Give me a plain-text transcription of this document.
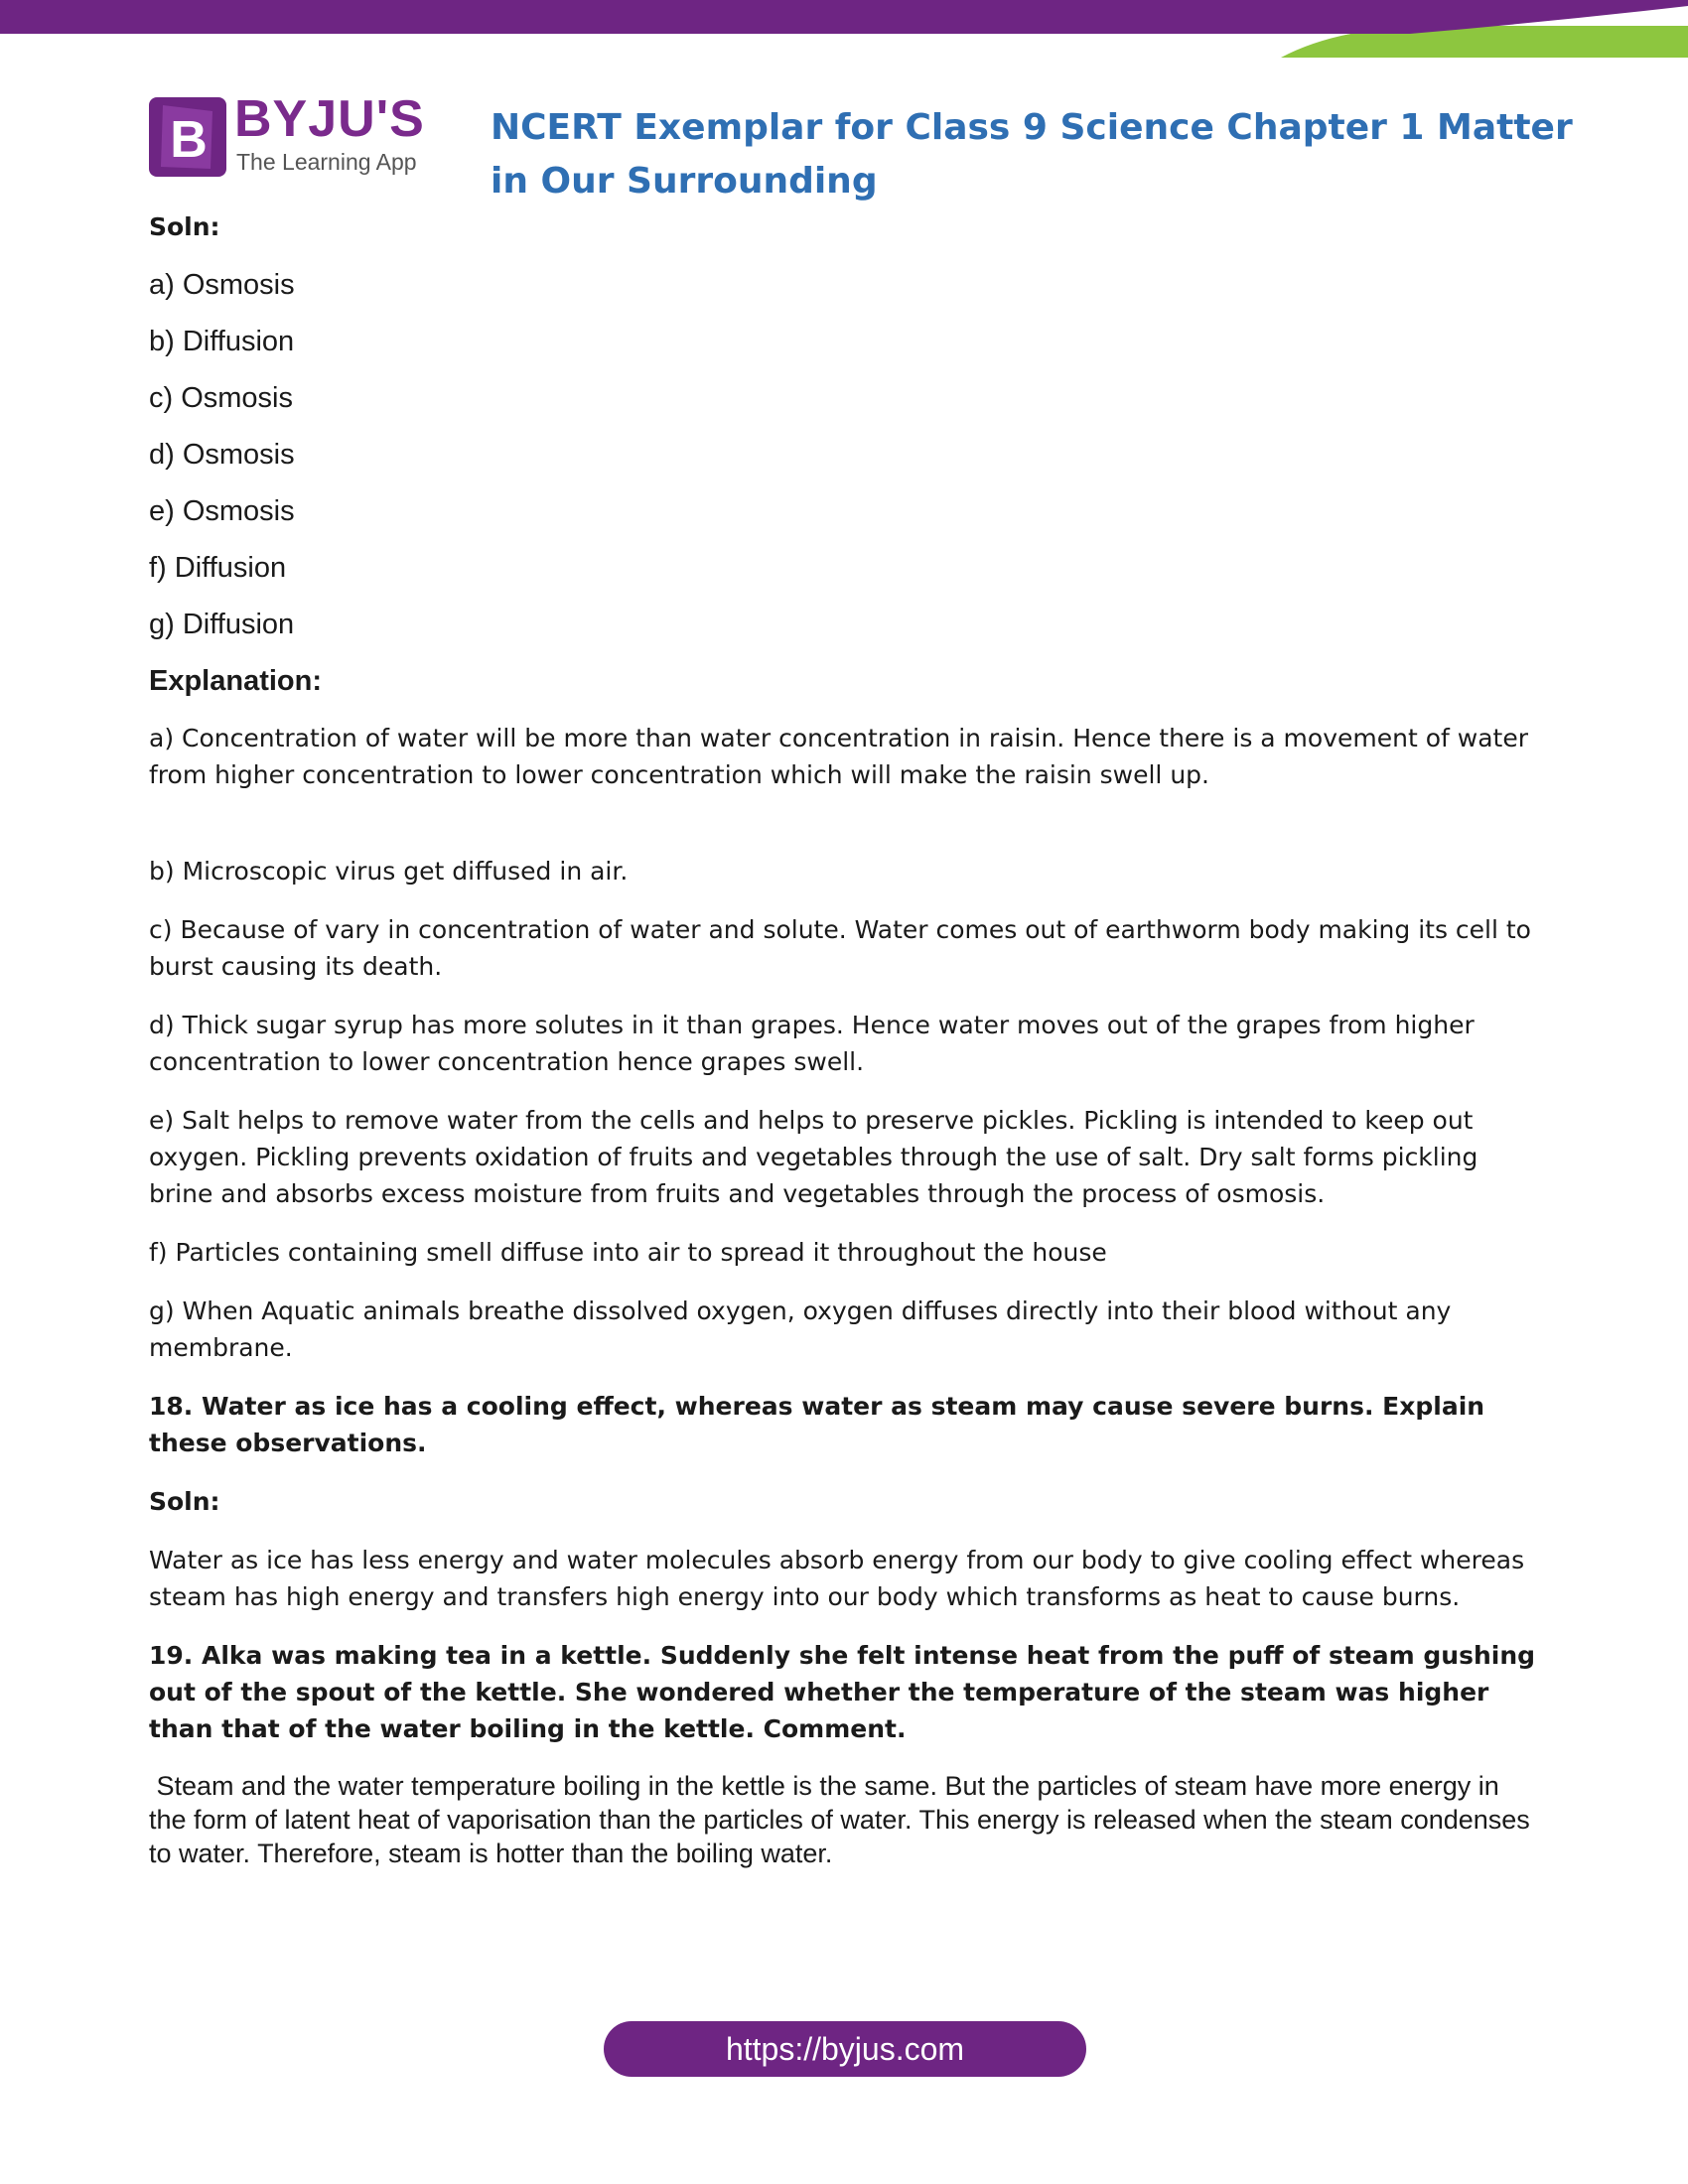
B BYJU'S
The Learning App
NCERT Exemplar for Class 9 Science Chapter 1 Matter in Our Surrounding

Soln:

a) Osmosis

b) Diffusion

c) Osmosis

d) Osmosis

e) Osmosis

f) Diffusion

g) Diffusion

Explanation:

a) Concentration of water will be more than water concentration in raisin. Hence there is a movement of water from higher concentration to lower concentration which will make the raisin swell up.

b) Microscopic virus get diffused in air.

c) Because of vary in concentration of water and solute. Water comes out of earthworm body making its cell to burst causing its death.

d) Thick sugar syrup has more solutes in it than grapes. Hence water moves out of the grapes from higher concentration to lower concentration hence grapes swell.

e) Salt helps to remove water from the cells and helps to preserve pickles. Pickling is intended to keep out oxygen. Pickling prevents oxidation of fruits and vegetables through the use of salt. Dry salt forms pickling brine and absorbs excess moisture from fruits and vegetables through the process of osmosis.

f) Particles containing smell diffuse into air to spread it throughout the house

g) When Aquatic animals breathe dissolved oxygen, oxygen diffuses directly into their blood without any membrane.

18. Water as ice has a cooling effect, whereas water as steam may cause severe burns. Explain these observations.

Soln:

Water as ice has less energy and water molecules absorb energy from our body to give cooling effect whereas steam has high energy and transfers high energy into our body which transforms as heat to cause burns.

19. Alka was making tea in a kettle. Suddenly she felt intense heat from the puff of steam gushing out of the spout of the kettle. She wondered whether the temperature of the steam was higher than that of the water boiling in the kettle. Comment.

Steam and the water temperature boiling in the kettle is the same. But the particles of steam have more energy in the form of latent heat of vaporisation than the particles of water. This energy is released when the steam condenses to water. Therefore, steam is hotter than the boiling water.

https://byjus.com
